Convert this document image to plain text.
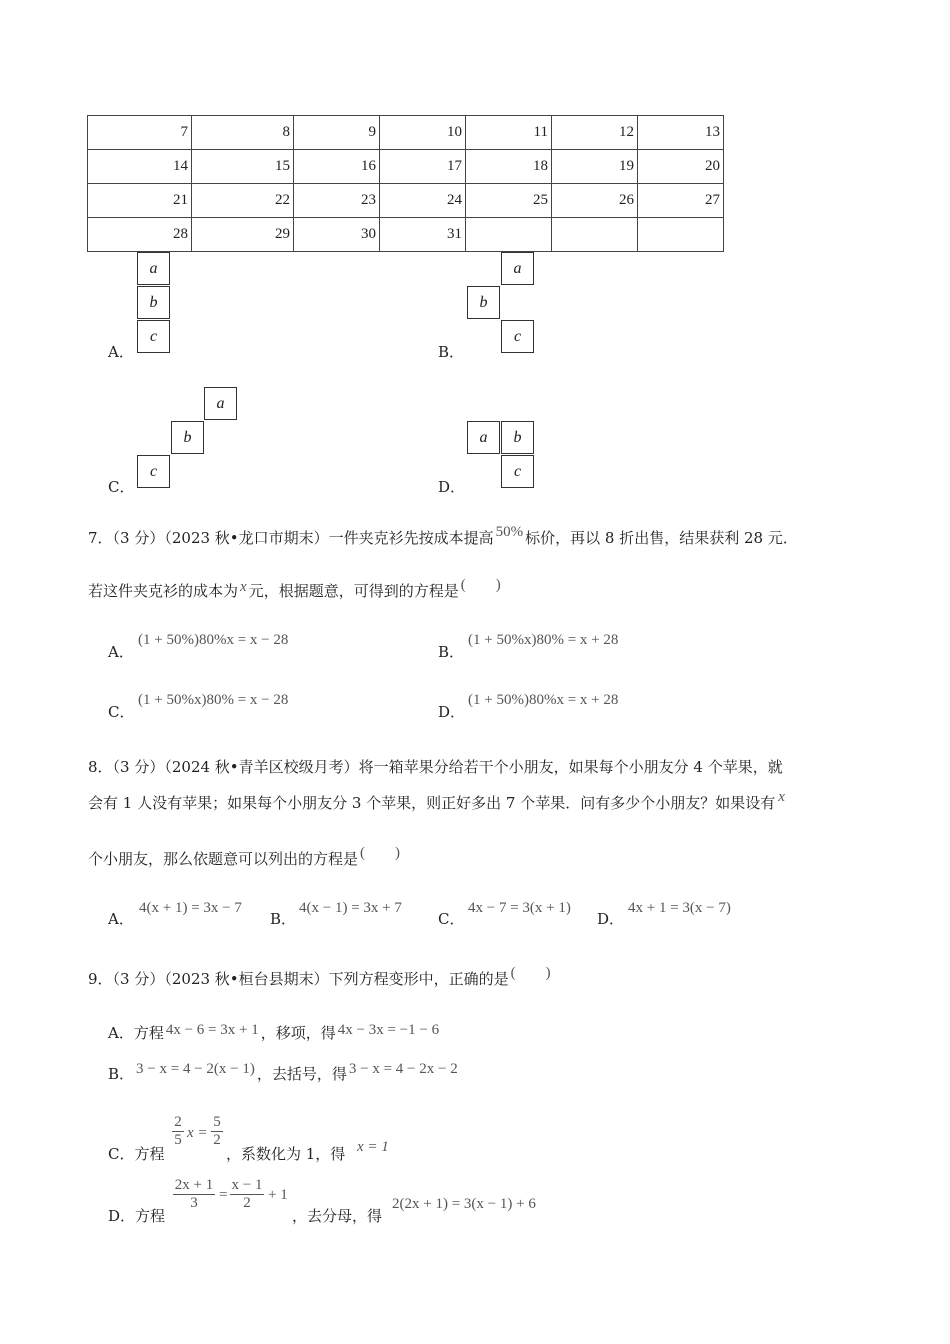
7	8	9	10	11	12	13
14	15	16	17	18	19	20
21	22	23	24	25	26	27
28	29	30	31			
a
b
c
A．
a
b
c
B．
a
b
c
C．
a	b
c
D．
7．（3 分）（2023 秋•龙口市期末）一件夹克衫先按成本提高 50% 标价，再以 8 折出售，结果获利 28 元．
若这件夹克衫的成本为 x 元，根据题意，可得到的方程是 (　　)
A．
(1 + 50%)80%x = x − 28
B．
(1 + 50%x)80% = x + 28
C．
(1 + 50%x)80% = x − 28
D．
(1 + 50%)80%x = x + 28
8．（3 分）（2024 秋•青羊区校级月考）将一箱苹果分给若干个小朋友，如果每个小朋友分 4 个苹果，就
会有 1 人没有苹果；如果每个小朋友分 3 个苹果，则正好多出 7 个苹果．问有多少个小朋友？如果设有 x
个小朋友，那么依题意可以列出的方程是 (　　)
A．
4(x + 1) = 3x − 7
B．
4(x − 1) = 3x + 7
C．
4x − 7 = 3(x + 1)
D．
4x + 1 = 3(x − 7)
9．（3 分）（2023 秋•桓台县期末）下列方程变形中，正确的是 (　　)
A．方程 4x − 6 = 3x + 1 ，移项，得 4x − 3x = −1 − 6
B． 3 − x = 4 − 2(x − 1) ，去括号，得 3 − x = 4 − 2x − 2
C．方程
$\frac{2}{5}$ $x = \frac{5}{2}$
，系数化为 1，得 x = 1
D．方程
$\frac{2x + 1}{3} = \frac{x - 1}{2} + 1$
，去分母，得
2(2x + 1) = 3(x − 1) + 6
